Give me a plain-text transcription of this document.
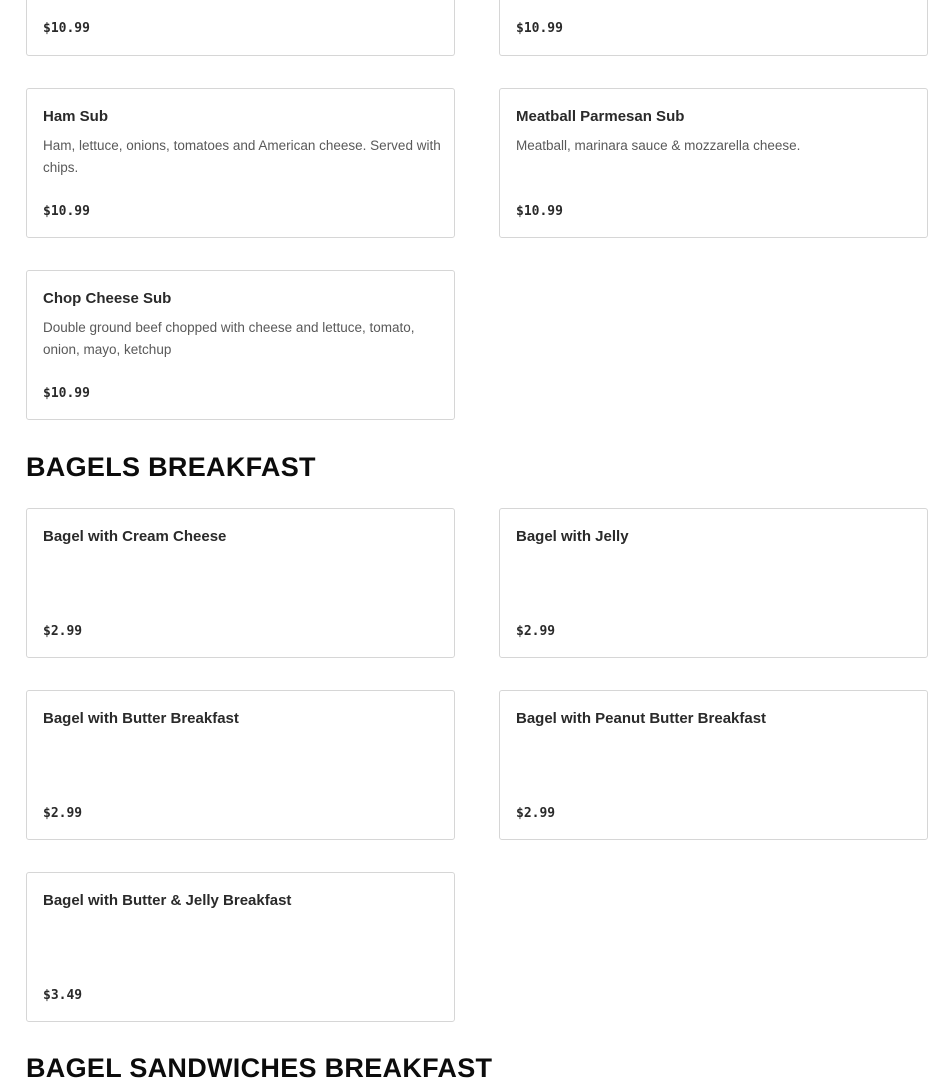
$10.99	$10.99
Ham Sub
Ham, lettuce, onions, tomatoes and American cheese. Served with chips.
$10.99
Meatball Parmesan Sub
Meatball, marinara sauce & mozzarella cheese.
$10.99
Chop Cheese Sub
Double ground beef chopped with cheese and lettuce, tomato, onion, mayo, ketchup
$10.99
BAGELS BREAKFAST
Bagel with Cream Cheese
$2.99
Bagel with Jelly
$2.99
Bagel with Butter Breakfast
$2.99
Bagel with Peanut Butter Breakfast
$2.99
Bagel with Butter & Jelly Breakfast
$3.49
BAGEL SANDWICHES BREAKFAST
